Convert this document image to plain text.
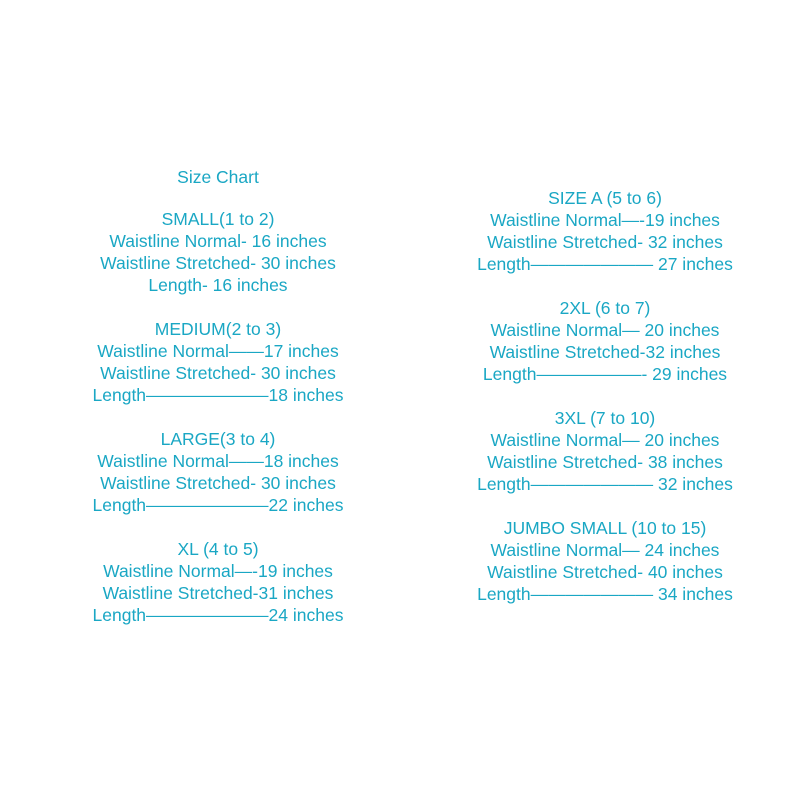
Size Chart
SMALL(1 to 2)
Waistline Normal- 16 inches
Waistline Stretched- 30 inches
Length- 16 inches
MEDIUM(2 to 3)
Waistline Normal——17 inches
Waistline Stretched- 30 inches
Length———————18 inches
LARGE(3 to 4)
Waistline Normal——18 inches
Waistline Stretched- 30 inches
Length———————22 inches
XL (4 to 5)
Waistline Normal—-19 inches
Waistline Stretched-31 inches
Length———————24 inches
SIZE A (5 to 6)
Waistline Normal—-19 inches
Waistline Stretched- 32 inches
Length——————— 27 inches
2XL (6 to 7)
Waistline Normal— 20 inches
Waistline Stretched-32 inches
Length——————- 29 inches
3XL (7 to 10)
Waistline Normal— 20 inches
Waistline Stretched- 38 inches
Length——————— 32 inches
JUMBO SMALL (10 to 15)
Waistline Normal— 24 inches
Waistline Stretched- 40 inches
Length——————— 34 inches
